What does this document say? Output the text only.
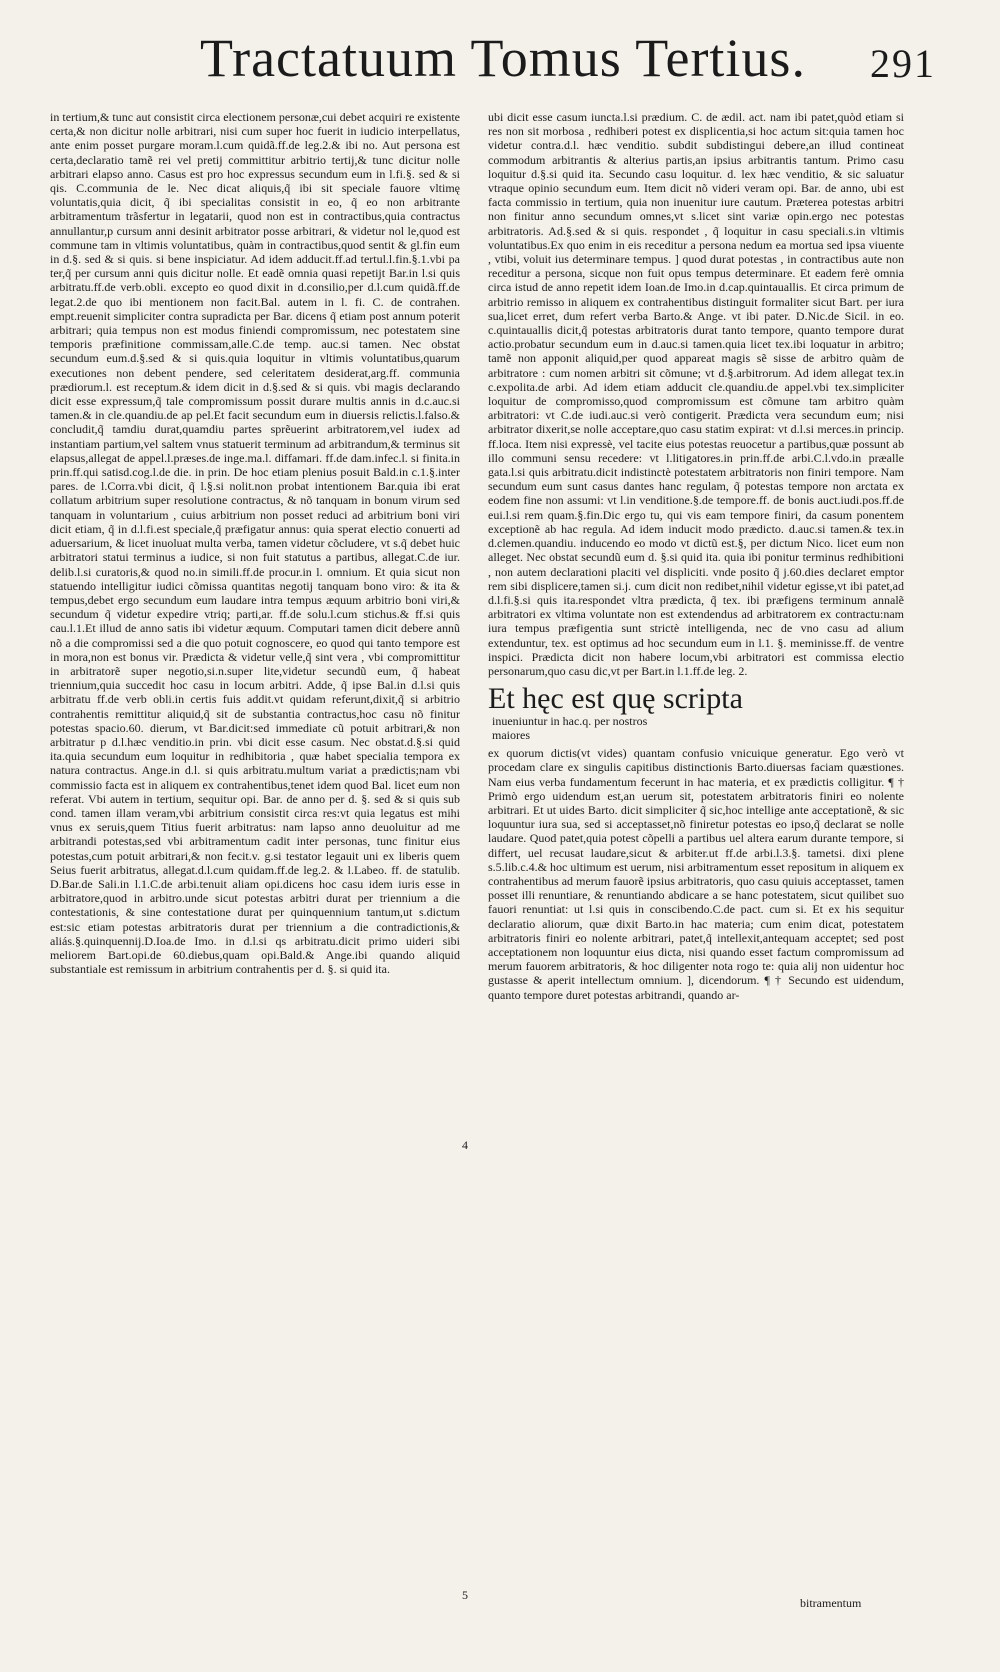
Tractatuum Tomus Tertius. 291

in tertium,& tunc aut consistit circa electionem personæ,cui debet acquiri re existente certa,& non dicitur nolle arbitrari, nisi cum super hoc fuerit in iudicio interpellatus, ante enim posset purgare moram.l.cum quidã.ff.de leg.2.& ibi no. Aut persona est certa,declaratio tamẽ rei vel pretij committitur arbitrio tertij,& tunc dicitur nolle arbitrari elapso anno. Casus est pro hoc expressus secundum eum in l.fi.§. sed & si qis. C.communia de le. Nec dicat aliquis,q̃ ibi sit speciale fauore vltimę voluntatis,quia dicit, q̃ ibi specialitas consistit in eo, q̃ eo non arbitrante arbitramentum trãsfertur in legatarii, quod non est in contractibus,quia contractus annullantur,p cursum anni desinit arbitrator posse arbitrari, & videtur nol le,quod est commune tam in vltimis voluntatibus, quàm in contractibus,quod sentit & gl.fin eum in d.§. sed & si quis. si bene inspiciatur. Ad idem adducit.ff.ad tertul.l.fin.§.1.vbi pa ter,q̃ per cursum anni quis dicitur nolle. Et eadẽ omnia quasi repetijt Bar.in l.si quis arbitratu.ff.de verb.obli. excepto eo quod dixit in d.consilio,per d.l.cum quidã.ff.de legat.2.de quo ibi mentionem non facit.Bal. autem in l. fi. C. de contrahen. empt.reuenit simpliciter contra supradicta per Bar. dicens q̃ etiam post annum poterit arbitrari; quia tempus non est modus finiendi compromissum, nec potestatem sine temporis præfinitione commissam,alle.C.de temp. auc.si tamen. Nec obstat secundum eum.d.§.sed & si quis.quia loquitur in vltimis voluntatibus,quarum executiones non debent pendere, sed celeritatem desiderat,arg.ff. communia prædiorum.l. est receptum.& idem dicit in d.§.sed & si quis. vbi magis declarando dicit esse expressum,q̃ tale compromissum possit durare multis annis in d.c.auc.si tamen.& in cle.quandiu.de ap pel.Et facit secundum eum in diuersis relictis.l.falso.& concludit,q̃ tamdiu durat,quamdiu partes sprẽuerint arbitratorem,vel iudex ad instantiam partium,vel saltem vnus statuerit terminum ad arbitrandum,& terminus sit elapsus,allegat de appel.l.præses.de inge.ma.l. diffamari. ff.de dam.infec.l. si finita.in prin.ff.qui satisd.cog.l.de die. in prin. De hoc etiam plenius posuit Bald.in c.1.§.inter pares. de l.Corra.vbi dicit, q̃ l.§.si nolit.non probat intentionem Bar.quia ibi erat collatum arbitrium super resolutione contractus, & nõ tanquam in bonum virum sed tanquam in voluntarium , cuius arbitrium non posset reduci ad arbitrium boni viri dicit etiam, q̃ in d.l.fi.est speciale,q̃ præfigatur annus: quia sperat electio conuerti ad aduersarium, & licet inuoluat multa verba, tamen videtur cõcludere, vt s.q̃ debet huic arbitratori statui terminus a iudice, si non fuit statutus a partibus, allegat.C.de iur. delib.l.si curatoris,& quod no.in simili.ff.de procur.in l. omnium. Et quia sicut non statuendo intelligitur iudici cõmissa quantitas negotij tanquam bono viro: & ita & tempus,debet ergo secundum eum laudare intra tempus æquum arbitrio boni viri,& secundum q̃ videtur expedire vtriq; parti,ar. ff.de solu.l.cum stichus.& ff.si quis cau.l.1.Et illud de anno satis ibi videtur æquum. Computari tamen dicit debere annũ nõ a die compromissi sed a die quo potuit cognoscere, eo quod qui tanto tempore est in mora,non est bonus vir. Prædicta & videtur velle,q̃ sint vera , vbi compromittitur in arbitratorẽ super negotio,si.n.super lite,videtur secundũ eum, q̃ habeat triennium,quia succedit hoc casu in locum arbitri. Adde, q̃ ipse Bal.in d.l.si quis arbitratu ff.de verb obli.in certis fuis addit.vt quidam referunt,dixit,q̃ si arbitrio contrahentis remittitur aliquid,q̃ sit de substantia contractus,hoc casu nõ finitur potestas spacio.60. dierum, vt Bar.dicit:sed immediate cũ potuit arbitrari,& non arbitratur p d.l.hæc venditio.in prin. vbi dicit esse casum. Nec obstat.d.§.si quid ita.quia secundum eum loquitur in redhibitoria , quæ habet specialia tempora ex natura contractus. Ange.in d.l. si quis arbitratu.multum variat a prædictis;nam vbi commissio facta est in aliquem ex contrahentibus,tenet idem quod Bal. licet eum non referat. Vbi autem in tertium, sequitur opi. Bar. de anno per d. §. sed & si quis sub cond. tamen illam veram,vbi arbitrium consistit circa res:vt quia legatus est mihi vnus ex seruis,quem Titius fuerit arbitratus: nam lapso anno deuoluitur ad me arbitrandi potestas,sed vbi arbitramentum cadit inter personas, tunc finitur eius potestas,cum potuit arbitrari,& non fecit.v. g.si testator legauit uni ex liberis quem Seius fuerit arbitratus, allegat.d.l.cum quidam.ff.de leg.2. & l.Labeo. ff. de statulib. D.Bar.de Sali.in l.1.C.de arbi.tenuit aliam opi.dicens hoc casu idem iuris esse in arbitratore,quod in arbitro.unde sicut potestas arbitri durat per triennium a die contestationis, & sine contestatione durat per quinquennium tantum,ut s.dictum est:sic etiam potestas arbitratoris durat per triennium a die contradictionis,& aliás.§.quinquennij.D.Ioa.de Imo. in d.l.si qs arbitratu.dicit primo uideri sibi meliorem Bart.opi.de 60.diebus,quam opi.Bald.& Ange.ibi quando aliquid substantiale est remissum in arbitrium contrahentis per d. §. si quid ita.

4
5

ubi dicit esse casum iuncta.l.si prædium. C. de ædil. act. nam ibi patet,quòd etiam si res non sit morbosa , redhiberi potest ex displicentia,si hoc actum sit:quia tamen hoc videtur contra.d.l. hæc venditio. subdit subdistingui debere,an illud contineat commodum arbitrantis & alterius partis,an ipsius arbitrantis tantum. Primo casu loquitur d.§.si quid ita. Secundo casu loquitur. d. lex hæc venditio, & sic saluatur vtraque opinio secundum eum. Item dicit nõ videri veram opi. Bar. de anno, ubi est facta commissio in tertium, quia non inuenitur iure cautum. Præterea potestas arbitri non finitur anno secundum omnes,vt s.licet sint variæ opin.ergo nec potestas arbitratoris. Ad.§.sed & si quis. respondet , q̃ loquitur in casu speciali.s.in vltimis voluntatibus.Ex quo enim in eis receditur a persona nedum ea mortua sed ipsa viuente , vtibi, voluit ius determinare tempus. ] quod durat potestas , in contractibus aute non receditur a persona, sicque non fuit opus tempus determinare. Et eadem ferè omnia circa istud de anno repetit idem Ioan.de Imo.in d.cap.quintauallis. Et circa primum de arbitrio remisso in aliquem ex contrahentibus distinguit formaliter sicut Bart. per iura sua,licet erret, dum refert verba Barto.& Ange. vt ibi pater. D.Nic.de Sicil. in eo. c.quintauallis dicit,q̃ potestas arbitratoris durat tanto tempore, quanto tempore durat actio.probatur secundum eum in d.auc.si tamen.quia licet tex.ibi loquatur in arbitro; tamẽ non apponit aliquid,per quod appareat magis sẽ sisse de arbitro quàm de arbitratore : cum nomen arbitri sit cõmune; vt d.§.arbitrorum. Ad idem allegat tex.in c.expolita.de arbi. Ad idem etiam adducit cle.quandiu.de appel.vbi tex.simpliciter loquitur de compromisso,quod compromissum est cõmune tam arbitro quàm arbitratori: vt C.de iudi.auc.si verò contigerit. Prædicta vera secundum eum; nisi arbitrator dixerit,se nolle acceptare,quo casu statim expirat: vt d.l.si merces.in princip. ff.loca. Item nisi expressè, vel tacite eius potestas reuocetur a partibus,quæ possunt ab illo communi sensu recedere: vt l.litigatores.in prin.ff.de arbi.C.l.vdo.in præalle gata.l.si quis arbitratu.dicit indistinctè potestatem arbitratoris non finiri tempore. Nam secundum eum sunt casus dantes hanc regulam, q̃ potestas tempore non arctata ex eodem fine non assumi: vt l.in venditione.§.de tempore.ff. de bonis auct.iudi.pos.ff.de eui.l.si rem quam.§.fin.Dic ergo tu, qui vis eam tempore finiri, da casum ponentem exceptionẽ ab hac regula. Ad idem inducit modo prædicto. d.auc.si tamen.& tex.in d.clemen.quandiu. inducendo eo modo vt dictũ est.§, per dictum Nico. licet eum non alleget. Nec obstat secundũ eum d. §.si quid ita. quia ibi ponitur terminus redhibitioni , non autem declarationi placiti vel displiciti. vnde posito q̃ j.60.dies declaret emptor rem sibi displicere,tamen si.j. cum dicit non redibet,nihil videtur egisse,vt ibi patet,ad d.l.fi.§.si quis ita.respondet vltra prædicta, q̃ tex. ibi præfigens terminum annalẽ arbitratori ex vltima voluntate non est extendendus ad arbitratorem ex contractu:nam iura tempus præfigentia sunt strictè intelligenda, nec de vno casu ad alium extenduntur, tex. est optimus ad hoc secundum eum in l.1. §. meminisse.ff. de ventre inspici. Prædicta dicit non habere locum,vbi arbitratori est commissa electio personarum,quo casu dic,vt per Bart.in l.1.ff.de leg. 2.

Et hęc est quę scriptainueniuntur in hac.q. per nostros maiores

ex quorum dictis(vt vides) quantam confusio vnicuique generatur. Ego verò vt procedam clare ex singulis capitibus distinctionis Barto.diuersas faciam quæstiones. Nam eius verba fundamentum fecerunt in hac materia, et ex prædictis colligitur. ¶ † Primò ergo uidendum est,an uerum sit, potestatem arbitratoris finiri eo nolente arbitrari. Et ut uides Barto. dicit simpliciter q̃ sic,hoc intellige ante acceptationẽ, & sic loquuntur iura sua, sed si acceptasset,nõ finiretur potestas eo ipso,q̃ declarat se nolle laudare. Quod patet,quia potest cõpelli a partibus uel altera earum durante tempore, si differt, uel recusat laudare,sicut & arbiter.ut ff.de arbi.l.3.§. tametsi. dixi plene s.5.lib.c.4.& hoc ultimum est uerum, nisi arbitramentum esset repositum in aliquem ex contrahentibus ad merum fauorẽ ipsius arbitratoris, quo casu quiuis acceptasset, tamen posset illi renuntiare, & renuntiando abdicare a se hanc potestatem, sicut quilibet suo fauori renuntiat: ut l.si quis in conscibendo.C.de pact. cum si. Et ex his sequitur declaratio aliorum, quæ dixit Barto.in hac materia; cum enim dicat, potestatem arbitratoris finiri eo nolente arbitrari, patet,q̃ intellexit,antequam acceptet; sed post acceptationem non loquuntur eius dicta, nisi quando esset factum compromissum ad merum fauorem arbitratoris, & hoc diligenter nota rogo te: quia alij non uidentur hoc gustasse & aperit intellectum omnium. ], dicendorum. ¶ † Secundo est uidendum, quanto tempore duret potestas arbitrandi, quando ar-

bitramentum
